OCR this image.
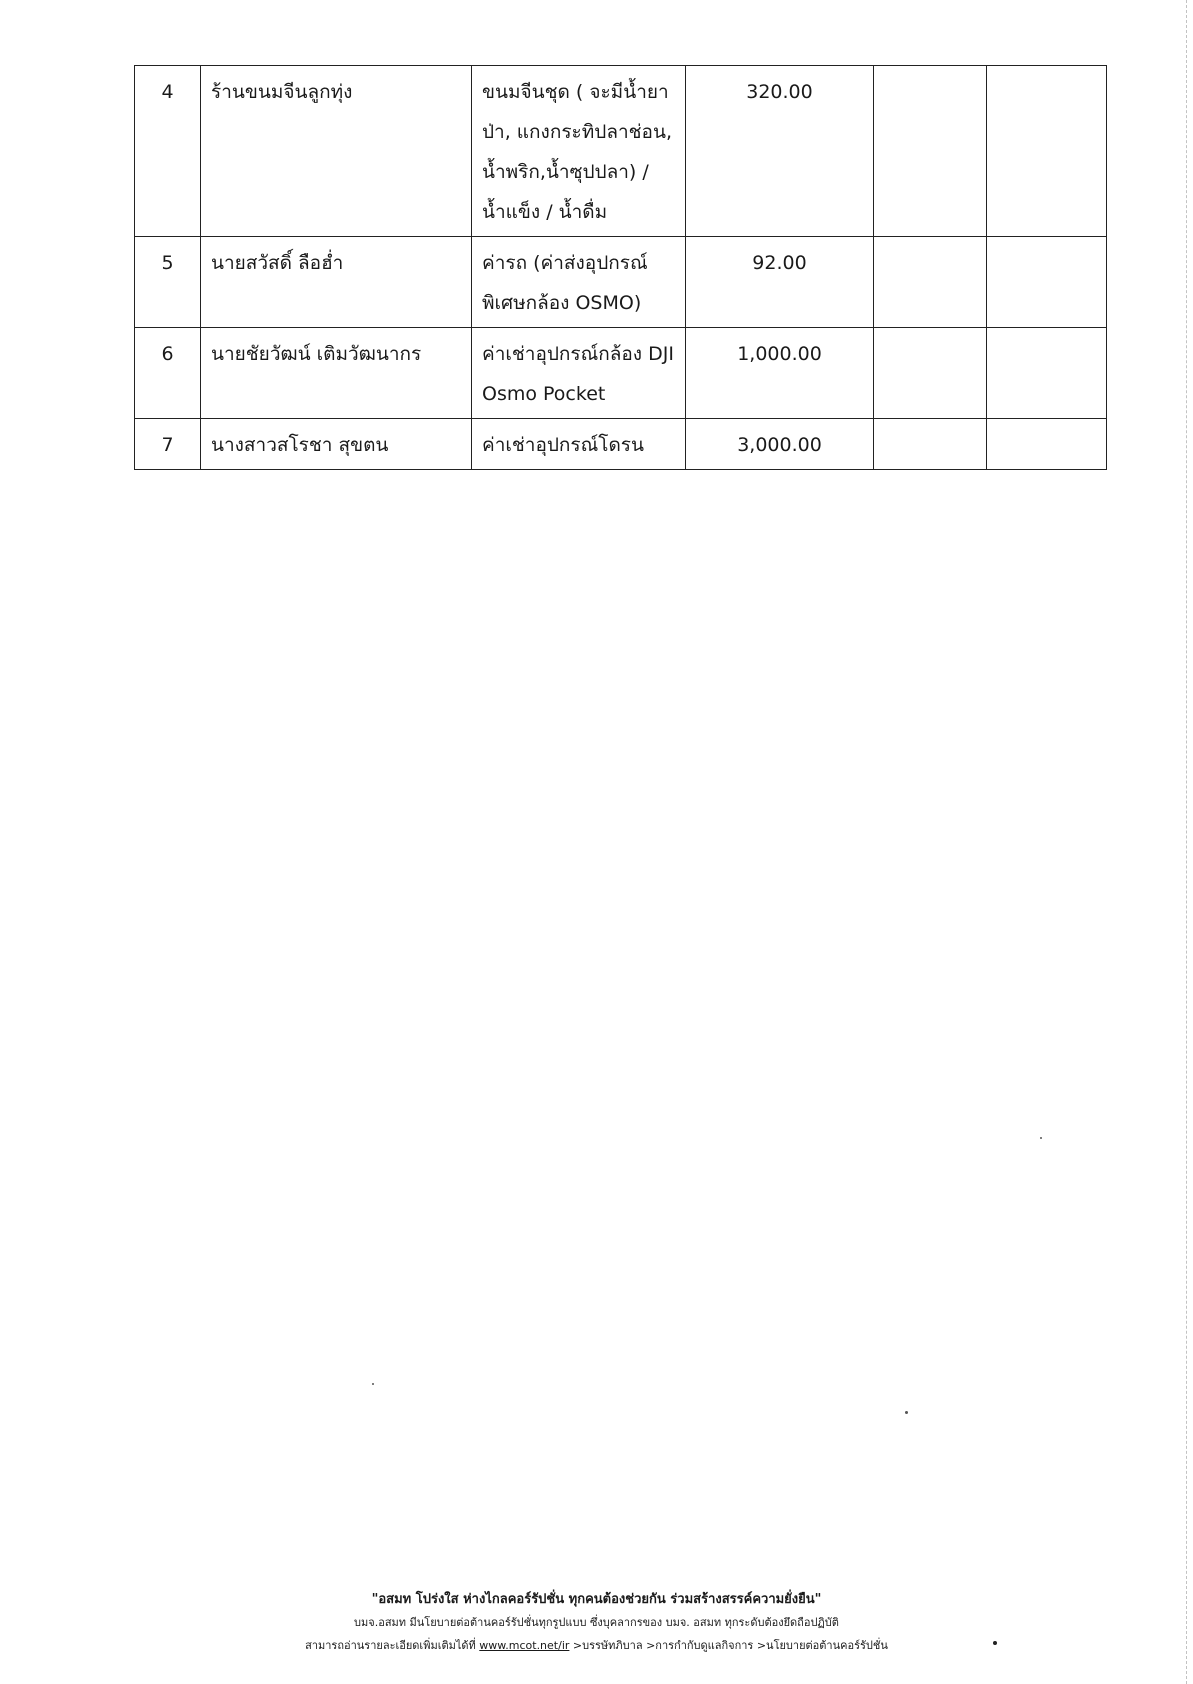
4	ร้านขนมจีนลูกทุ่ง	ขนมจีนชุด ( จะมีน้ำยาป่า, แกงกระทิปลาช่อน, น้ำพริก,น้ำซุปปลา) / น้ำแข็ง / น้ำดื่ม	320.00		
5	นายสวัสดิ์ ลือฮ่ำ	ค่ารถ (ค่าส่งอุปกรณ์พิเศษกล้อง OSMO)	92.00		
6	นายชัยวัฒน์ เติมวัฒนากร	ค่าเช่าอุปกรณ์กล้อง DJI Osmo Pocket	1,000.00		
7	นางสาวสโรชา สุขตน	ค่าเช่าอุปกรณ์โดรน	3,000.00		
"อสมท โปร่งใส ห่างไกลคอร์รัปชั่น ทุกคนต้องช่วยกัน ร่วมสร้างสรรค์ความยั่งยืน"
บมจ.อสมท มีนโยบายต่อต้านคอร์รัปชั่นทุกรูปแบบ ซึ่งบุคลากรของ บมจ. อสมท ทุกระดับต้องยึดถือปฏิบัติ
สามารถอ่านรายละเอียดเพิ่มเติมได้ที่ www.mcot.net/ir >บรรษัทภิบาล >การกำกับดูแลกิจการ >นโยบายต่อต้านคอร์รัปชั่น
